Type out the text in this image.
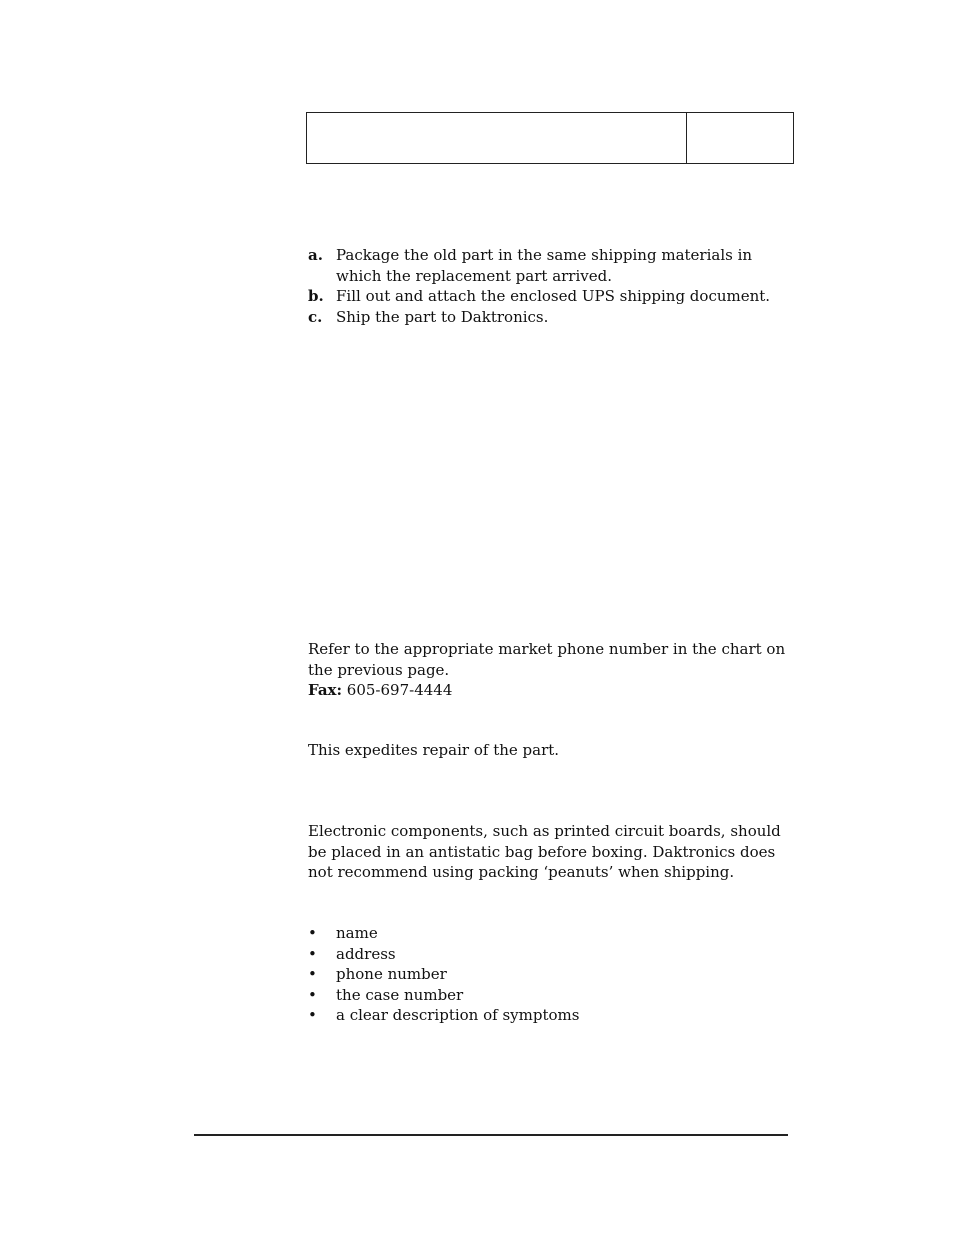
a. Package the old part in the same shipping materials in which the replacement part arrived.
b. Fill out and attach the enclosed UPS shipping document.
c. Ship the part to Daktronics.
Refer to the appropriate market phone number in the chart on the previous page.
Fax: 605-697-4444
This expedites repair of the part.
Electronic components, such as printed circuit boards, should be placed in an antistatic bag before boxing. Daktronics does not recommend using packing ‘peanuts’ when shipping.
•	name
•	address
•	phone number
•	the case number
•	a clear description of symptoms
